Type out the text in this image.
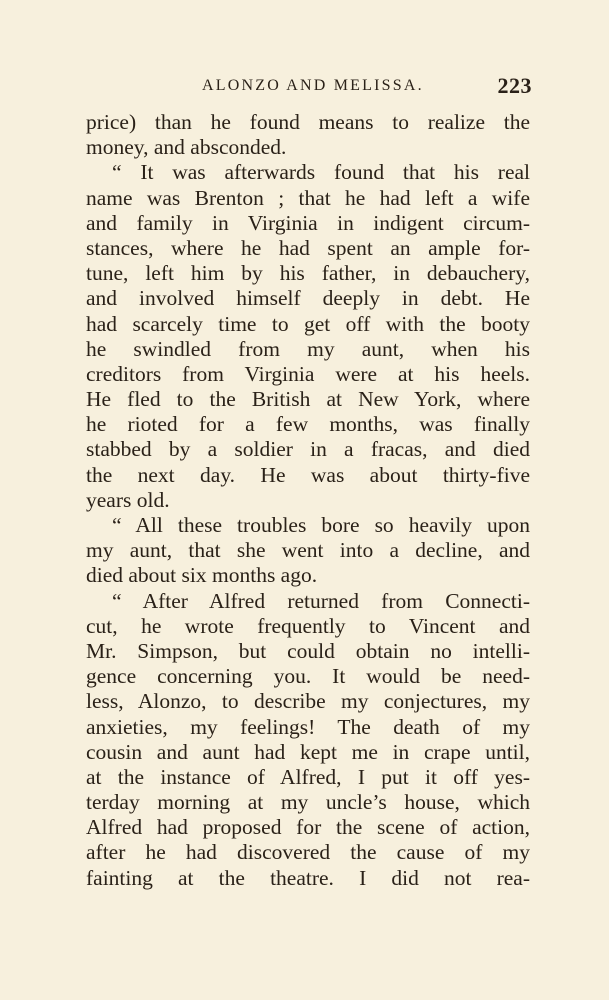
ALONZO AND MELISSA.	223
price) than he found means to realize the
money, and absconded.
“ It was afterwards found that his real
name was Brenton ; that he had left a wife
and family in Virginia in indigent circum-
stances, where he had spent an ample for-
tune, left him by his father, in debauchery,
and involved himself deeply in debt. He
had scarcely time to get off with the booty
he swindled from my aunt, when his
creditors from Virginia were at his heels.
He fled to the British at New York, where
he rioted for a few months, was finally
stabbed by a soldier in a fracas, and died
the next day. He was about thirty-five
years old.
“ All these troubles bore so heavily upon
my aunt, that she went into a decline, and
died about six months ago.
“ After Alfred returned from Connecti-
cut, he wrote frequently to Vincent and
Mr. Simpson, but could obtain no intelli-
gence concerning you. It would be need-
less, Alonzo, to describe my conjectures, my
anxieties, my feelings! The death of my
cousin and aunt had kept me in crape until,
at the instance of Alfred, I put it off yes-
terday morning at my uncle’s house, which
Alfred had proposed for the scene of action,
after he had discovered the cause of my
fainting at the theatre. I did not rea-
